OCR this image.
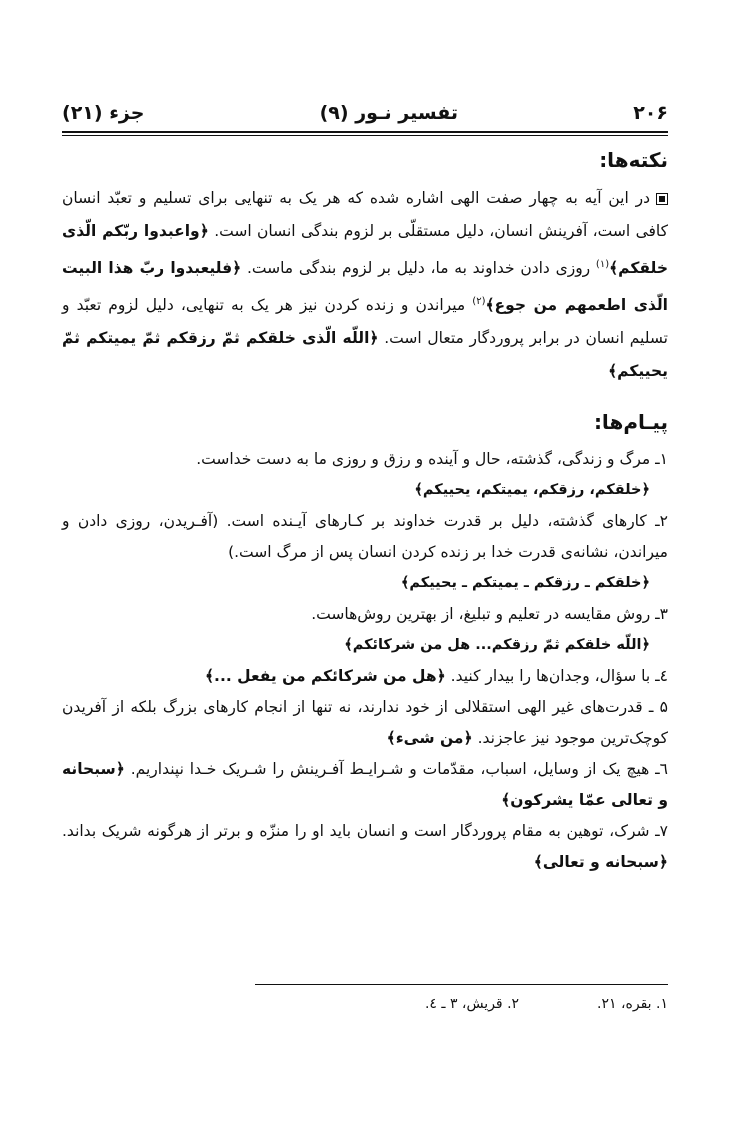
۲۰۶
تفسیر نـور (۹)
جزء (۲۱)
نکته‌ها:

در این آیه به چهار صفت الهی اشاره شده که هر یک به تنهایی برای تسلیم و تعبّد انسان کافی است، آفرینش انسان، دلیل مستقلّی بر لزوم بندگی انسان است. ﴿واعبدوا ربّکم الّذی خلقکم﴾$^{(۱)}$ روزی دادن خداوند به ما، دلیل بر لزوم بندگی ماست. ﴿فلیعبدوا ربّ هذا البیت الّذی اطعمهم من جوع﴾$^{(۲)}$ میراندن و زنده کردن نیز هر یک به تنهایی، دلیل لزوم تعبّد و تسلیم انسان در برابر پروردگار متعال است. ﴿اللّه الّذی خلقکم ثمّ رزقکم ثمّ یمیتکم ثمّ یحییکم﴾

پیـام‌ها:

۱ـ مرگ و زندگی، گذشته، حال و آینده و رزق و روزی ما به دست خداست.

﴿خلقکم، رزقکم، یمیتکم، یحییکم﴾

۲ـ کارهای گذشته، دلیل بر قدرت خداوند بر کـارهای آیـنده است. (آفـریدن، روزی دادن و میراندن، نشانه‌ی قدرت خدا بر زنده کردن انسان پس از مرگ است.)

﴿خلقکم ـ رزقکم ـ یمیتکم ـ یحییکم﴾

۳ـ روش مقایسه در تعلیم و تبلیغ، از بهترین روش‌هاست.

﴿اللّه خلقکم ثمّ رزقکم... هل من شرکائکم﴾

٤ـ با سؤال، وجدان‌ها را بیدار کنید. ﴿هل من شرکائکم من یفعل ...﴾

۵ ـ قدرت‌های غیر الهی استقلالی از خود ندارند، نه تنها از انجام کارهای بزرگ بلکه از آفریدن کوچک‌ترین موجود نیز عاجزند. ﴿من شیء﴾

٦ـ هیچ یک از وسایل، اسباب، مقدّمات و شـرایـط آفـرینش را شـریک خـدا نپنداریم. ﴿سبحانه و تعالی عمّا یشرکون﴾

۷ـ شرک، توهین به مقام پروردگار است و انسان باید او را منزّه و برتر از هرگونه شریک بداند. ﴿سبحانه و تعالی﴾

۱. بقره، ۲۱.
۲. قریش، ۳ ـ ٤.
